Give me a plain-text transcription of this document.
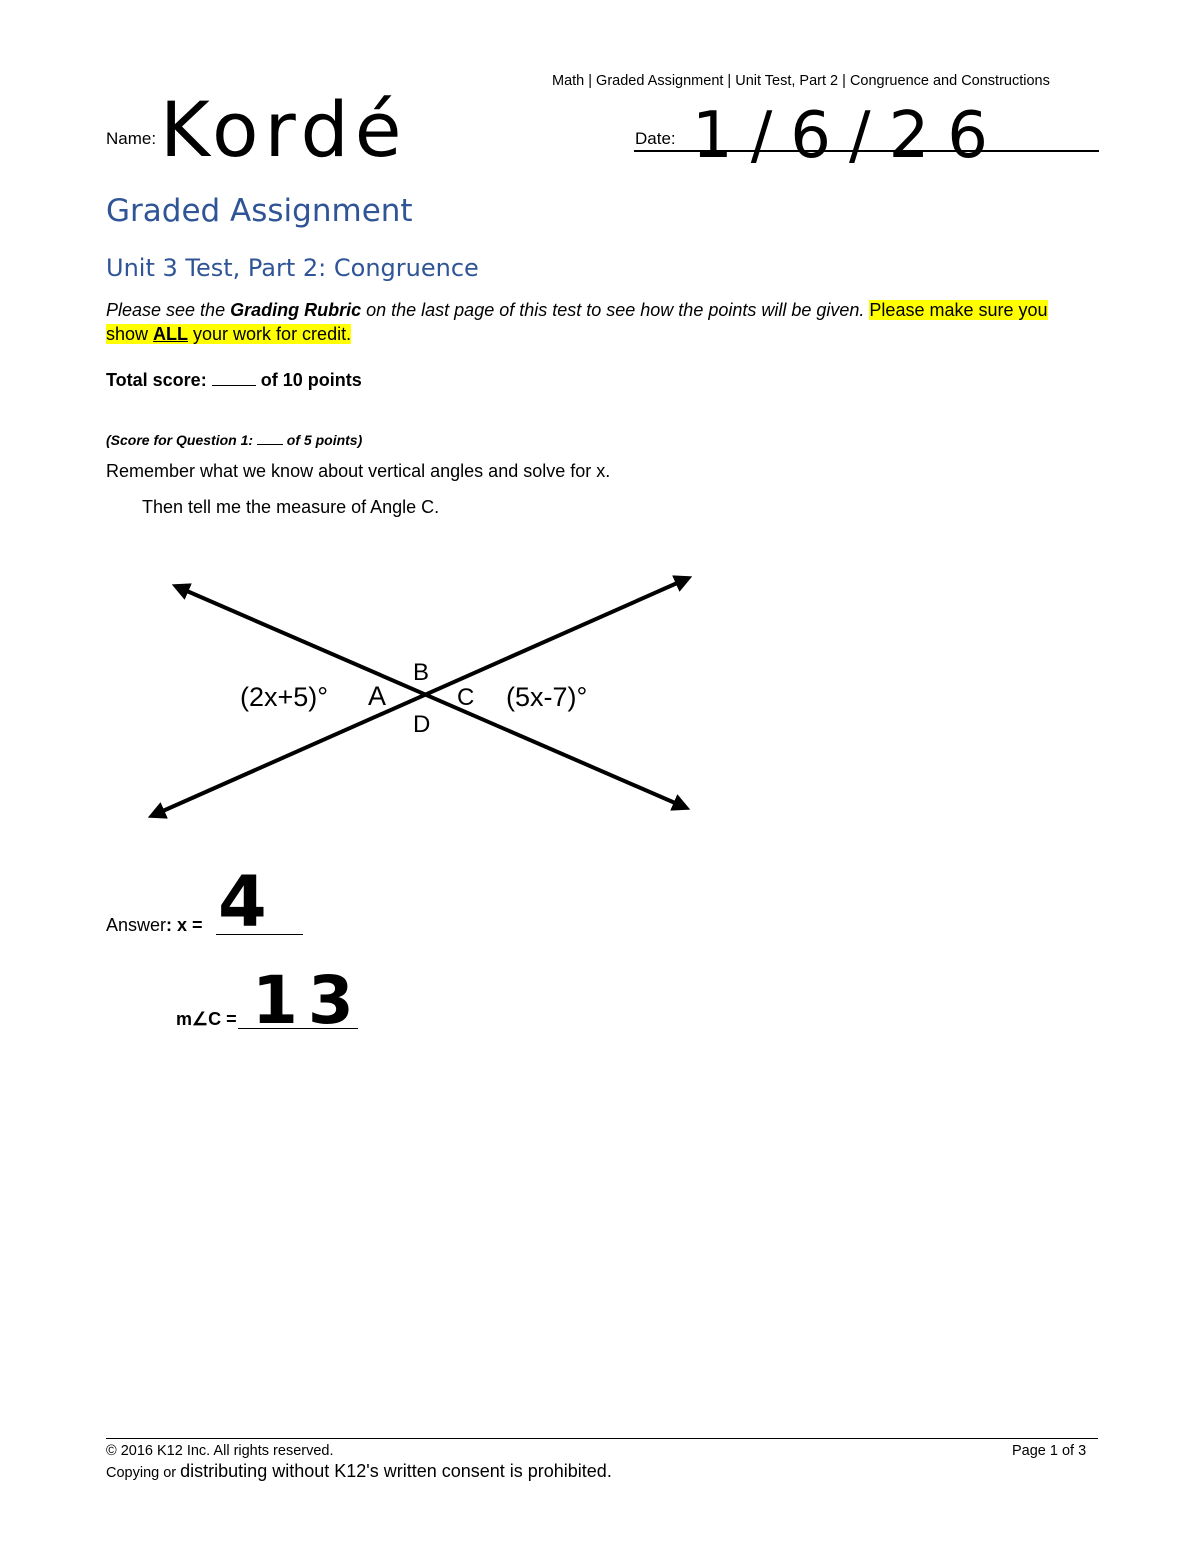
Math | Graded Assignment | Unit Test, Part 2 | Congruence and Constructions
Name: Kordé	Date: 1/6/26
Graded Assignment
Unit 3 Test, Part 2: Congruence
Please see the Grading Rubric on the last page of this test to see how the points will be given. Please make sure you show ALL your work for credit.
Total score:  of 10 points
(Score for Question 1:  of 5 points)
Remember what we know about vertical angles and solve for x.
Then tell me the measure of Angle C.
(2x+5)°	(5x-7)°
A
B
C
D
Answer: x = 4
m∠C = 13
© 2016 K12 Inc. All rights reserved.
Copying or distributing without K12's written consent is prohibited.
Page 1 of 3
